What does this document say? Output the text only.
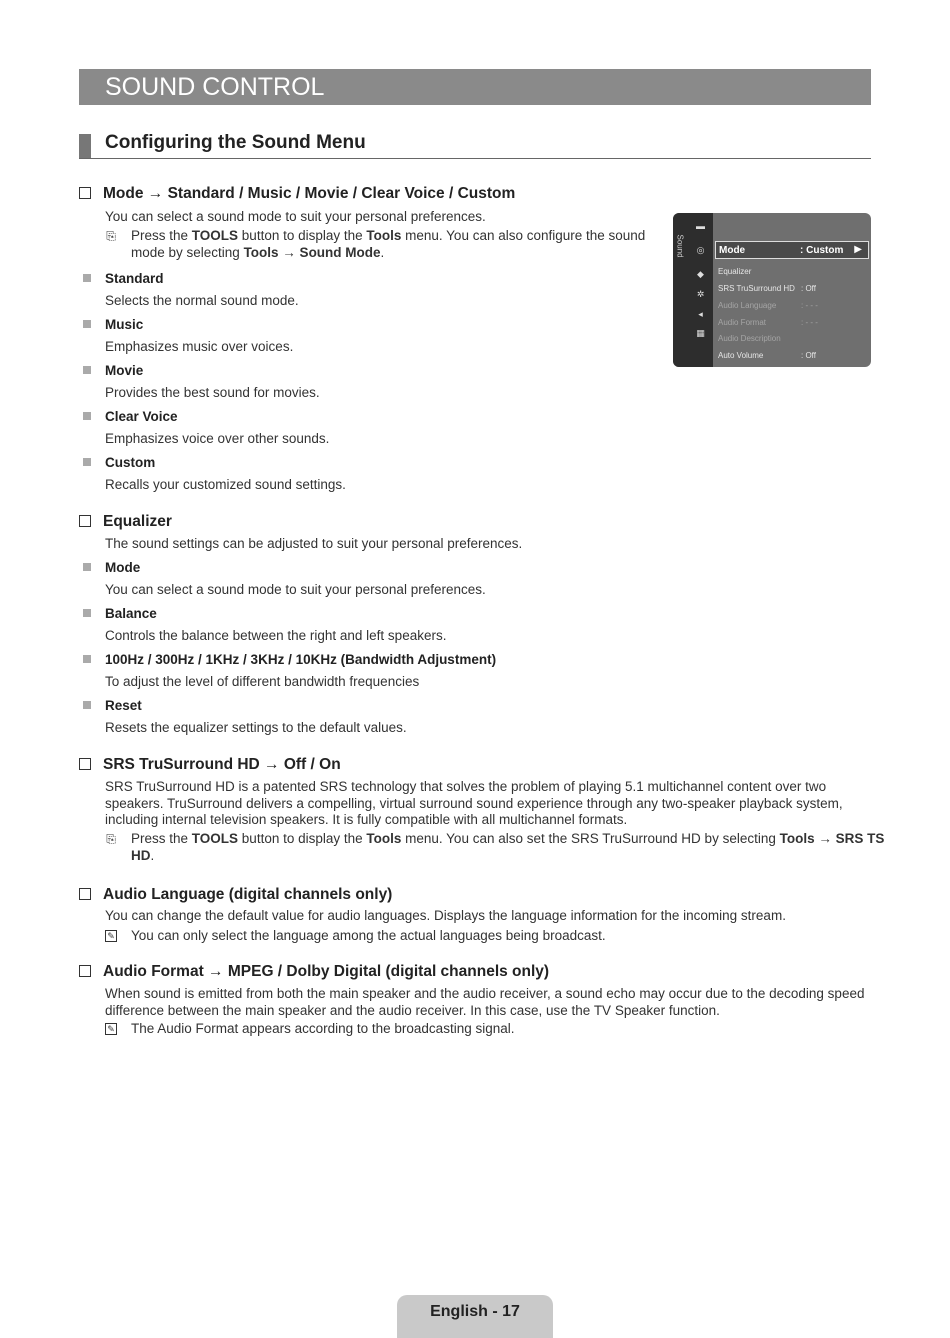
SOUND CONTROL
Configuring the Sound Menu
Mode → Standard / Music / Movie / Clear Voice / Custom
You can select a sound mode to suit your personal preferences.
⎘ Press the TOOLS button to display the Tools menu. You can also configure the sound
mode by selecting Tools → Sound Mode.
Standard
Selects the normal sound mode.
Music
Emphasizes music over voices.
Movie
Provides the best sound for movies.
Clear Voice
Emphasizes voice over other sounds.
Custom
Recalls your customized sound settings.
Sound
▬
◎
◆
✲
◂
▦
Mode	: Custom ▶
Equalizer
SRS TruSurround HD : Off
Audio Language	: - - -
Audio Format	: - - -
Audio Description
Auto Volume	: Off
Equalizer
The sound settings can be adjusted to suit your personal preferences.
Mode
You can select a sound mode to suit your personal preferences.
Balance
Controls the balance between the right and left speakers.
100Hz / 300Hz / 1KHz / 3KHz / 10KHz (Bandwidth Adjustment)
To adjust the level of different bandwidth frequencies
Reset
Resets the equalizer settings to the default values.
SRS TruSurround HD → Off / On
SRS TruSurround HD is a patented SRS technology that solves the problem of playing 5.1 multichannel content over two
speakers. TruSurround delivers a compelling, virtual surround sound experience through any two-speaker playback system,
including internal television speakers. It is fully compatible with all multichannel formats.
⎘ Press the TOOLS button to display the Tools menu. You can also set the SRS TruSurround HD by selecting Tools → SRS TS
HD.
Audio Language (digital channels only)
You can change the default value for audio languages. Displays the language information for the incoming stream.
✎ You can only select the language among the actual languages being broadcast.
Audio Format → MPEG / Dolby Digital (digital channels only)
When sound is emitted from both the main speaker and the audio receiver, a sound echo may occur due to the decoding speed
difference between the main speaker and the audio receiver. In this case, use the TV Speaker function.
✎ The Audio Format appears according to the broadcasting signal.
English - 17
